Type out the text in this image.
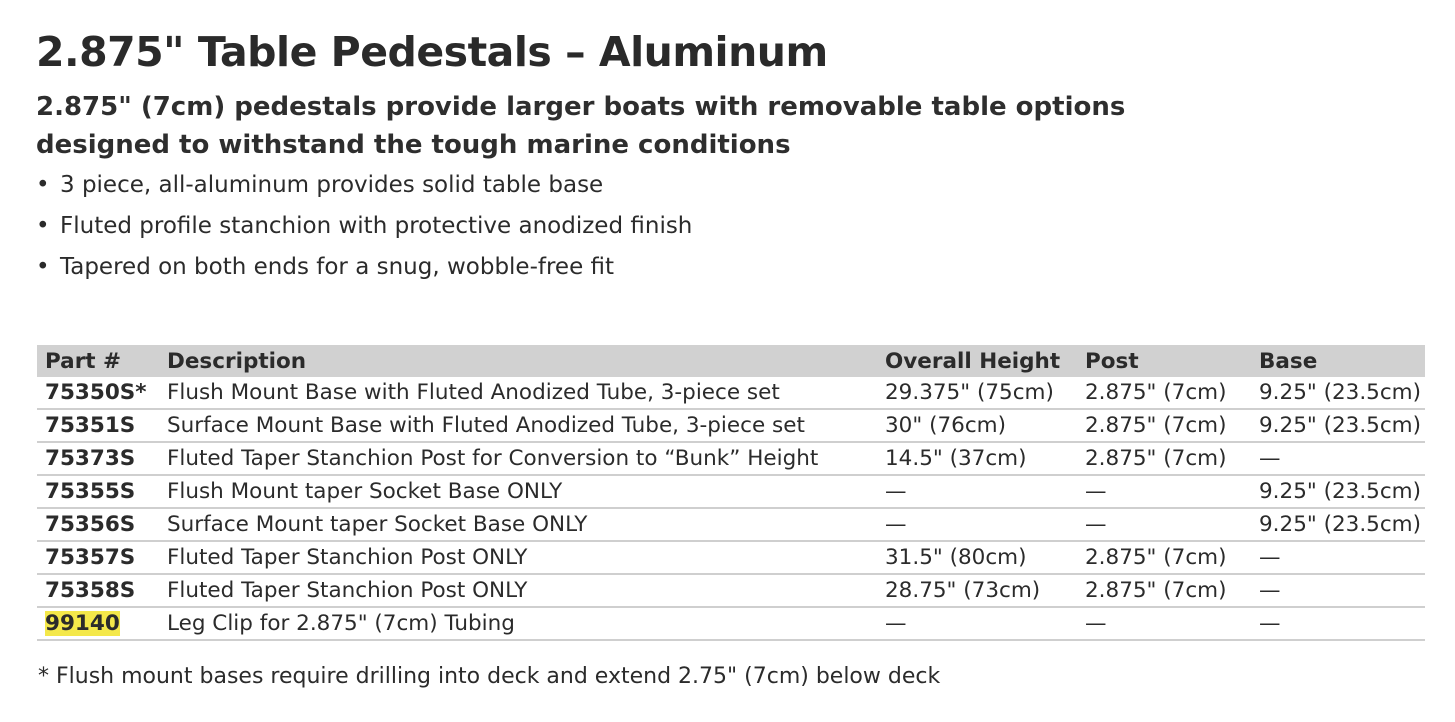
2.875" Table Pedestals – Aluminum

2.875" (7cm) pedestals provide larger boats with removable table options designed to withstand the tough marine conditions

• 3 piece, all-aluminum provides solid table base
• Fluted profile stanchion with protective anodized finish
• Tapered on both ends for a snug, wobble-free fit
Part #	Description	Overall Height	Post	Base
75350S*	Flush Mount Base with Fluted Anodized Tube, 3-piece set	29.375" (75cm)	2.875" (7cm)	9.25" (23.5cm)
75351S	Surface Mount Base with Fluted Anodized Tube, 3-piece set	30" (76cm)	2.875" (7cm)	9.25" (23.5cm)
75373S	Fluted Taper Stanchion Post for Conversion to “Bunk” Height	14.5" (37cm)	2.875" (7cm)	—
75355S	Flush Mount taper Socket Base ONLY	—	—	9.25" (23.5cm)
75356S	Surface Mount taper Socket Base ONLY	—	—	9.25" (23.5cm)
75357S	Fluted Taper Stanchion Post ONLY	31.5" (80cm)	2.875" (7cm)	—
75358S	Fluted Taper Stanchion Post ONLY	28.75" (73cm)	2.875" (7cm)	—
99140	Leg Clip for 2.875" (7cm) Tubing	—	—	—

* Flush mount bases require drilling into deck and extend 2.75" (7cm) below deck
